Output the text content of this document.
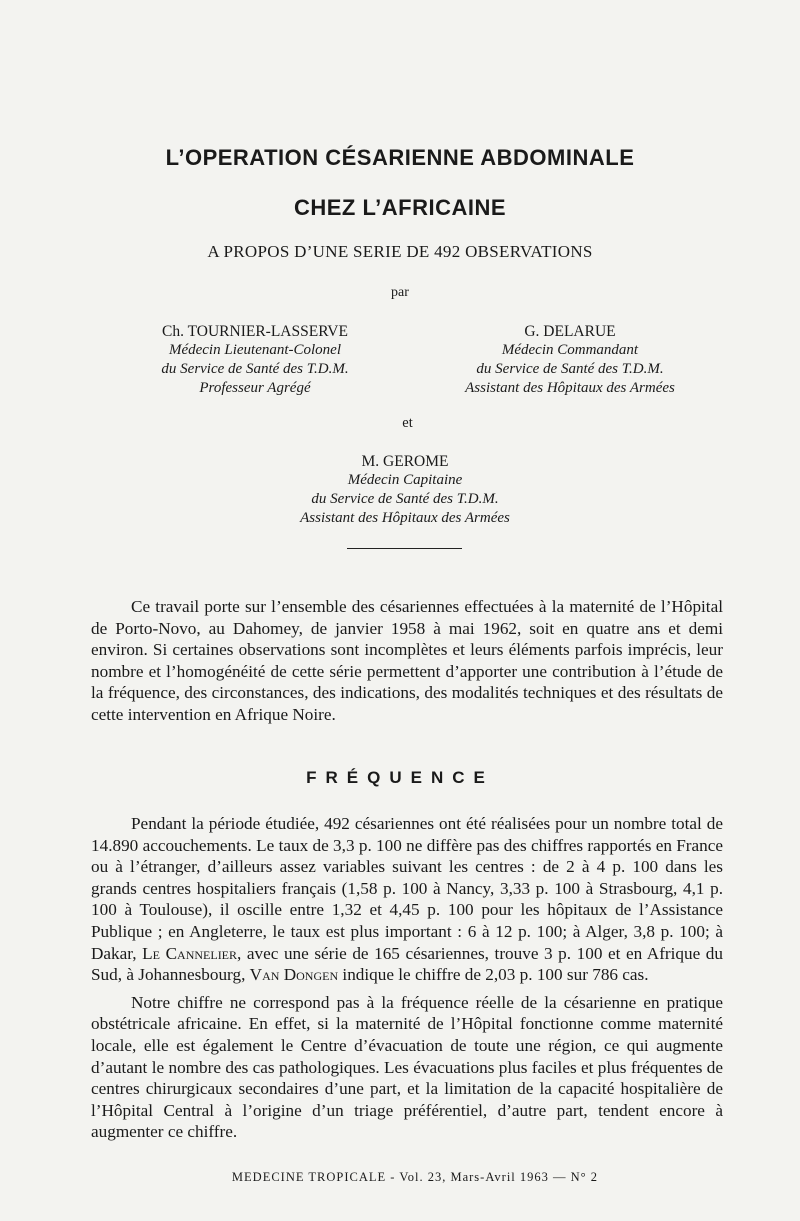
L’OPERATION CÉSARIENNE ABDOMINALE
CHEZ L’AFRICAINE
A PROPOS D’UNE SERIE DE 492 OBSERVATIONS
par
Ch. TOURNIER-LASSERVE
Médecin Lieutenant-Colonel
du Service de Santé des T.D.M.
Professeur Agrégé
G. DELARUE
Médecin Commandant
du Service de Santé des T.D.M.
Assistant des Hôpitaux des Armées
et
M. GEROME
Médecin Capitaine
du Service de Santé des T.D.M.
Assistant des Hôpitaux des Armées

Ce travail porte sur l’ensemble des césariennes effectuées à la maternité de l’Hôpital de Porto-Novo, au Dahomey, de janvier 1958 à mai 1962, soit en quatre ans et demi environ. Si certaines observations sont incomplètes et leurs éléments parfois imprécis, leur nombre et l’homogénéité de cette série permettent d’apporter une contribution à l’étude de la fréquence, des circonstances, des indications, des modalités techniques et des résultats de cette intervention en Afrique Noire.

FRÉQUENCE

Pendant la période étudiée, 492 césariennes ont été réalisées pour un nombre total de 14.890 accouchements. Le taux de 3,3 p. 100 ne diffère pas des chiffres rapportés en France ou à l’étranger, d’ailleurs assez variables suivant les centres : de 2 à 4 p. 100 dans les grands centres hospitaliers français (1,58 p. 100 à Nancy, 3,33 p. 100 à Strasbourg, 4,1 p. 100 à Toulouse), il oscille entre 1,32 et 4,45 p. 100 pour les hôpitaux de l’Assistance Publique ; en Angleterre, le taux est plus important : 6 à 12 p. 100; à Alger, 3,8 p. 100; à Dakar, Le Cannelier, avec une série de 165 césariennes, trouve 3 p. 100 et en Afrique du Sud, à Johannesbourg, Van Dongen indique le chiffre de 2,03 p. 100 sur 786 cas.

Notre chiffre ne correspond pas à la fréquence réelle de la césarienne en pratique obstétricale africaine. En effet, si la maternité de l’Hôpital fonctionne comme maternité locale, elle est également le Centre d’évacuation de toute une région, ce qui augmente d’autant le nombre des cas pathologiques. Les évacuations plus faciles et plus fréquentes de centres chirurgicaux secondaires d’une part, et la limitation de la capacité hospitalière de l’Hôpital Central à l’origine d’un triage préférentiel, d’autre part, tendent encore à augmenter ce chiffre.

MEDECINE TROPICALE - Vol. 23, Mars-Avril 1963 — N° 2
